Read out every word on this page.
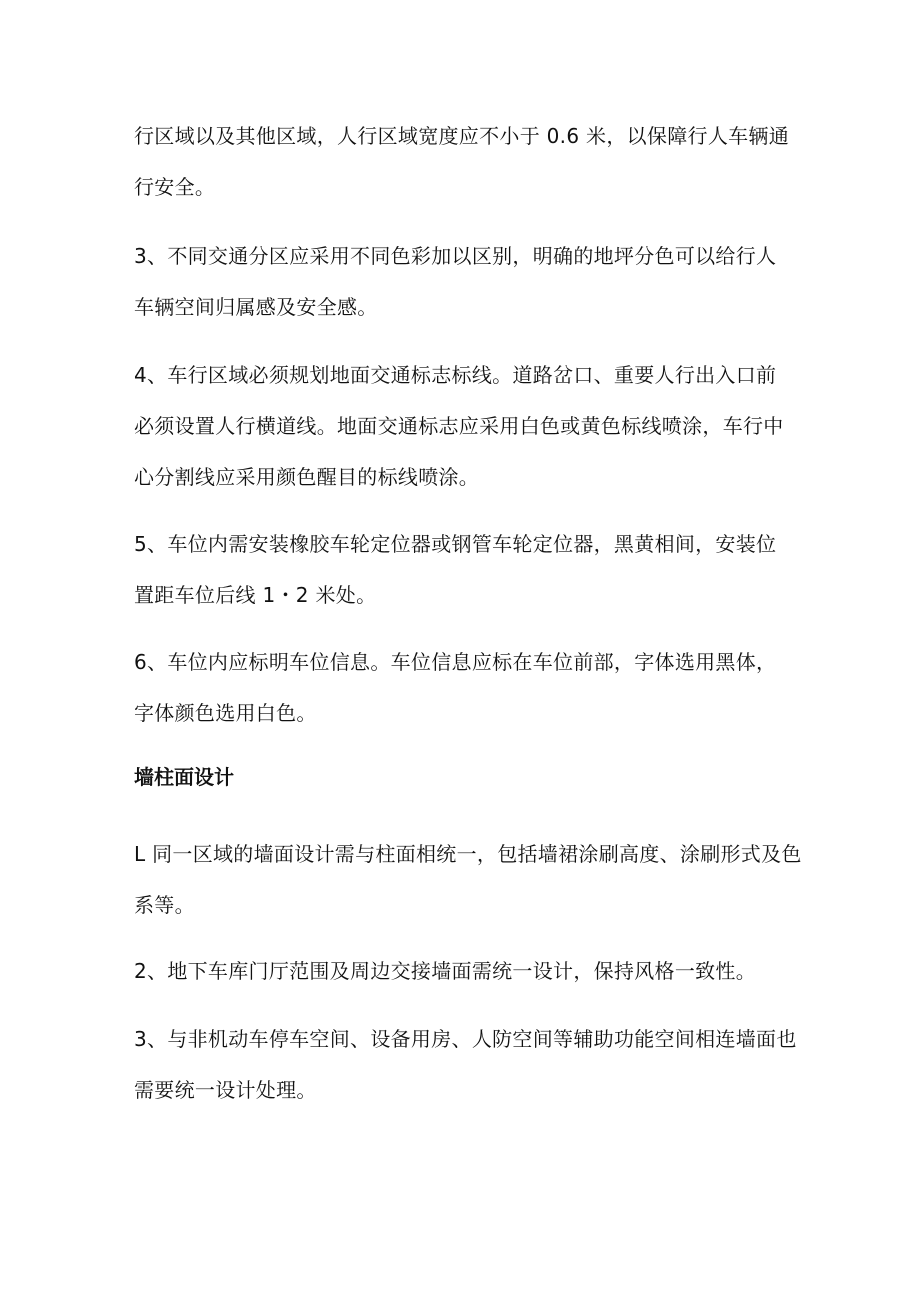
行区域以及其他区域，人行区域宽度应不小于 0.6 米，以保障行人车辆通
行安全。
3、不同交通分区应采用不同色彩加以区别，明确的地坪分色可以给行人
车辆空间归属感及安全感。
4、车行区域必须规划地面交通标志标线。道路岔口、重要人行出入口前
必须设置人行横道线。地面交通标志应采用白色或黄色标线喷涂，车行中
心分割线应采用颜色醒目的标线喷涂。
5、车位内需安装橡胶车轮定位器或钢管车轮定位器，黑黄相间，安装位
置距车位后线 1・2 米处。
6、车位内应标明车位信息。车位信息应标在车位前部，字体选用黑体，
字体颜色选用白色。
墙柱面设计
L 同一区域的墙面设计需与柱面相统一，包括墙裙涂刷高度、涂刷形式及色
系等。
2、地下车库门厅范围及周边交接墙面需统一设计，保持风格一致性。
3、与非机动车停车空间、设备用房、人防空间等辅助功能空间相连墙面也
需要统一设计处理。
